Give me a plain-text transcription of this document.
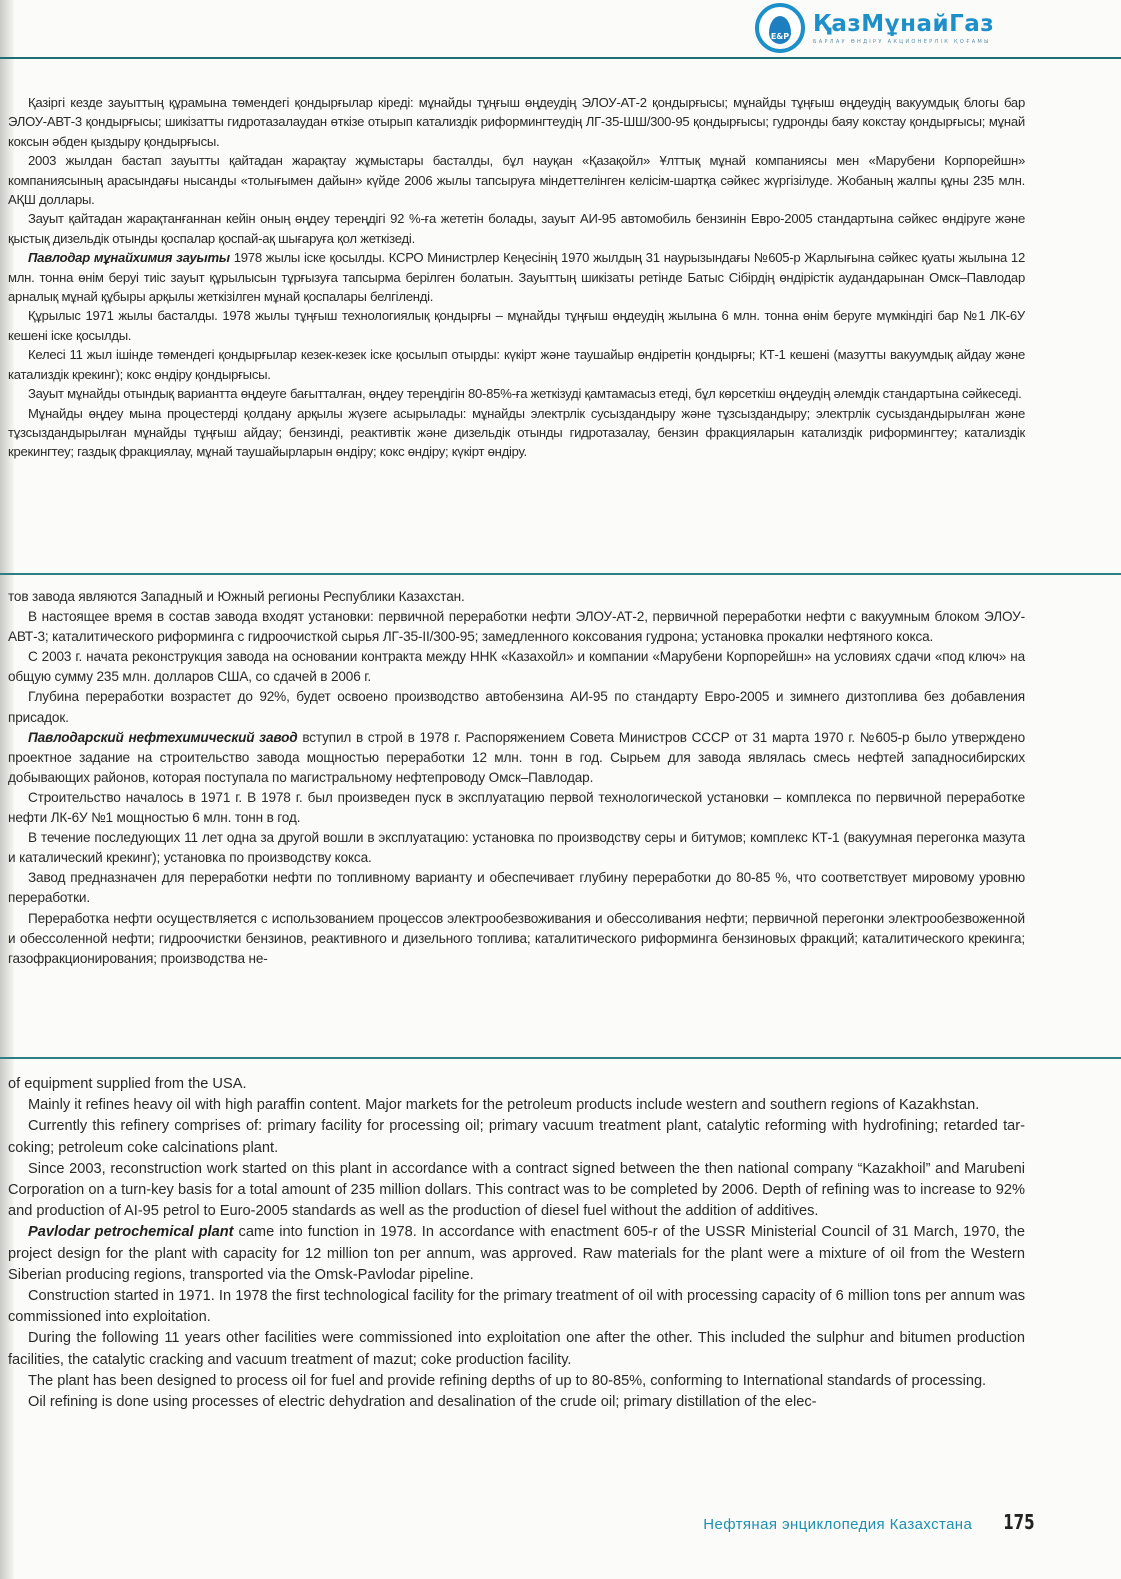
E&P ҚазМұнайГаз
БАРЛАУ ӨНДІРУ АКЦИОНЕРЛІК ҚОҒАМЫ

Қазіргі кезде зауыттың құрамына төмендегі қондырғылар кіреді: мұнайды тұңғыш өңдеудің ЭЛОУ-АТ-2 қондырғысы; мұнайды тұңғыш өңдеудің вакуумдық блогы бар ЭЛОУ-АВТ-3 қондырғысы; шикізатты гидротазалаудан өткізе отырып катализдік риформингтеудің ЛГ-35-ШШ/300-95 қондырғысы; гудронды баяу кокстау қондырғысы; мұнай коксын әбден қыздыру қондырғысы.

2003 жылдан бастап зауытты қайтадан жарақтау жұмыстары басталды, бұл науқан «Қазақойл» Ұлттық мұнай компаниясы мен «Марубени Корпорейшн» компаниясының арасындағы нысанды «толығымен дайын» күйде 2006 жылы тапсыруға міндеттелінген келісім-шартқа сәйкес жүргізілуде. Жобаның жалпы құны 235 млн. АҚШ доллары.

Зауыт қайтадан жарақтанғаннан кейін оның өңдеу тереңдігі 92 %-ға жететін болады, зауыт АИ-95 автомобиль бензинін Евро-2005 стандартына сәйкес өндіруге және қыстық дизельдік отынды қоспалар қоспай-ақ шығаруға қол жеткізеді.

Павлодар мұнайхимия зауыты 1978 жылы іске қосылды. КСРО Министрлер Кеңесінің 1970 жылдың 31 наурызындағы №605-р Жарлығына сәйкес қуаты жылына 12 млн. тонна өнім беруі тиіс зауыт құрылысын тұрғызуға тапсырма берілген болатын. Зауыттың шикізаты ретінде Батыс Сібірдің өндірістік аудандарынан Омск–Павлодар арналық мұнай құбыры арқылы жеткізілген мұнай қоспалары белгіленді.

Құрылыс 1971 жылы басталды. 1978 жылы тұңғыш технологиялық қондырғы – мұнайды тұңғыш өңдеудің жылына 6 млн. тонна өнім беруге мүмкіндігі бар №1 ЛК-6У кешені іске қосылды.

Келесі 11 жыл ішінде төмендегі қондырғылар кезек-кезек іске қосылып отырды: күкірт және таушайыр өндіретін қондырғы; КТ-1 кешені (мазутты вакуумдық айдау және катализдік крекинг); кокс өндіру қондырғысы.

Зауыт мұнайды отындық вариантта өңдеуге бағытталған, өңдеу тереңдігін 80-85%-ға жеткізуді қамтамасыз етеді, бұл көрсеткіш өңдеудің әлемдік стандартына сәйкеседі.

Мұнайды өңдеу мына процестерді қолдану арқылы жүзеге асырылады: мұнайды электрлік сусыздандыру және тұзсыздандыру; электрлік сусыздандырылған және тұзсыздандырылған мұнайды тұңғыш айдау; бензинді, реактивтік және дизельдік отынды гидротазалау, бензин фракцияларын катализдік риформингтеу; катализдік крекингтеу; газдық фракциялау, мұнай таушайырларын өндіру; кокс өндіру; күкірт өндіру.

тов завода являются Западный и Южный регионы Республики Казахстан.

В настоящее время в состав завода входят установки: первичной переработки нефти ЭЛОУ-АТ-2, первичной переработки нефти с вакуумным блоком ЭЛОУ-АВТ-3; каталитического риформинга с гидроочисткой сырья ЛГ-35-II/300-95; замедленного коксования гудрона; установка прокалки нефтяного кокса.

С 2003 г. начата реконструкция завода на основании контракта между ННК «Казахойл» и компании «Марубени Корпорейшн» на условиях сдачи «под ключ» на общую сумму 235 млн. долларов США, со сдачей в 2006 г.

Глубина переработки возрастет до 92%, будет освоено производство автобензина АИ-95 по стандарту Евро-2005 и зимнего дизтоплива без добавления присадок.

Павлодарский нефтехимический завод вступил в строй в 1978 г. Распоряжением Совета Министров СССР от 31 марта 1970 г. №605-р было утверждено проектное задание на строительство завода мощностью переработки 12 млн. тонн в год. Сырьем для завода являлась смесь нефтей западносибирских добывающих районов, которая поступала по магистральному нефтепроводу Омск–Павлодар.

Строительство началось в 1971 г. В 1978 г. был произведен пуск в эксплуатацию первой технологической установки – комплекса по первичной переработке нефти ЛК-6У №1 мощностью 6 млн. тонн в год.

В течение последующих 11 лет одна за другой вошли в эксплуатацию: установка по производству серы и битумов; комплекс КТ-1 (вакуумная перегонка мазута и каталический крекинг); установка по производству кокса.

Завод предназначен для переработки нефти по топливному варианту и обеспечивает глубину переработки до 80-85 %, что соответствует мировому уровню переработки.

Переработка нефти осуществляется с использованием процессов электрообезвоживания и обессоливания нефти; первичной перегонки электрообезвоженной и обессоленной нефти; гидроочистки бензинов, реактивного и дизельного топлива; каталитического риформинга бензиновых фракций; каталитического крекинга; газофракционирования; производства не-

of equipment supplied from the USA.

Mainly it refines heavy oil with high paraffin content. Major markets for the petroleum products include western and southern regions of Kazakhstan.

Currently this refinery comprises of: primary facility for processing oil; primary vacuum treatment plant, catalytic reforming with hydrofining; retarded tar-coking; petroleum coke calcinations plant.

Since 2003, reconstruction work started on this plant in accordance with a contract signed between the then national company “Kazakhoil” and Marubeni Corporation on a turn-key basis for a total amount of 235 million dollars. This contract was to be completed by 2006. Depth of refining was to increase to 92% and production of AI-95 petrol to Euro-2005 standards as well as the production of diesel fuel without the addition of additives.

Pavlodar petrochemical plant came into function in 1978. In accordance with enactment 605-r of the USSR Ministerial Council of 31 March, 1970, the project design for the plant with capacity for 12 million ton per annum, was approved. Raw materials for the plant were a mixture of oil from the Western Siberian producing regions, transported via the Omsk-Pavlodar pipeline.

Construction started in 1971. In 1978 the first technological facility for the primary treatment of oil with processing capacity of 6 million tons per annum was commissioned into exploitation.

During the following 11 years other facilities were commissioned into exploitation one after the other. This included the sulphur and bitumen production facilities, the catalytic cracking and vacuum treatment of mazut; coke production facility.

The plant has been designed to process oil for fuel and provide refining depths of up to 80-85%, conforming to International standards of processing.

Oil refining is done using processes of electric dehydration and desalination of the crude oil; primary distillation of the elec-

Нефтяная энциклопедия Казахстана 175
